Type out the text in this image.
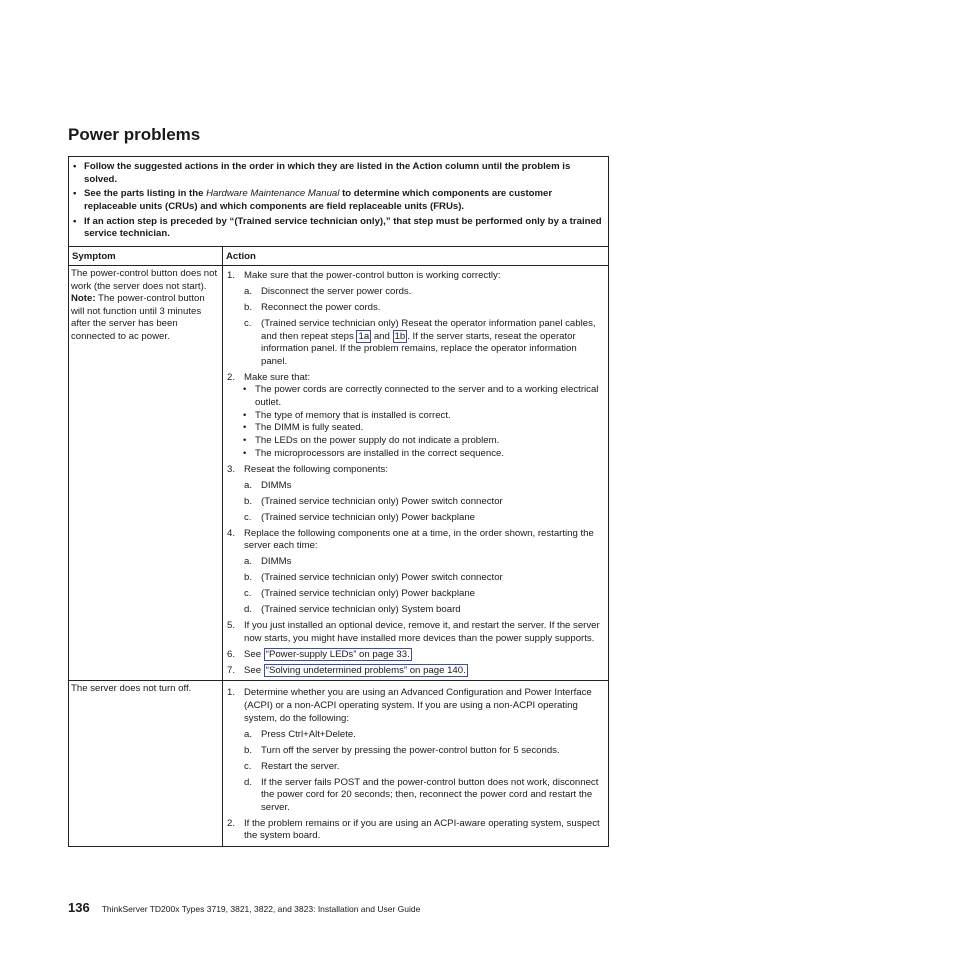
Power problems
• Follow the suggested actions in the order in which they are listed in the Action column until the problem is solved.
• See the parts listing in the Hardware Maintenance Manual to determine which components are customer replaceable units (CRUs) and which components are field replaceable units (FRUs).
• If an action step is preceded by “(Trained service technician only),” that step must be performed only by a trained service technician.
Symptom	Action
The power-control button does not work (the server does not start).
Note: The power-control button will not function until 3 minutes after the server has been connected to ac power.
1. Make sure that the power-control button is working correctly:
a. Disconnect the server power cords.
b. Reconnect the power cords.
c. (Trained service technician only) Reseat the operator information panel cables, and then repeat steps 1a and 1b . If the server starts, reseat the operator information panel. If the problem remains, replace the operator information panel.
2. Make sure that:
• The power cords are correctly connected to the server and to a working electrical outlet.
• The type of memory that is installed is correct.
• The DIMM is fully seated.
• The LEDs on the power supply do not indicate a problem.
• The microprocessors are installed in the correct sequence.
3. Reseat the following components:
a. DIMMs
b. (Trained service technician only) Power switch connector
c. (Trained service technician only) Power backplane
4. Replace the following components one at a time, in the order shown, restarting the server each time:
a. DIMMs
b. (Trained service technician only) Power switch connector
c. (Trained service technician only) Power backplane
d. (Trained service technician only) System board
5. If you just installed an optional device, remove it, and restart the server. If the server now starts, you might have installed more devices than the power supply supports.
6. See “Power-supply LEDs” on page 33.
7. See “Solving undetermined problems” on page 140.
The server does not turn off.	1. Determine whether you are using an Advanced Configuration and Power Interface (ACPI) or a non-ACPI operating system. If you are using a non-ACPI operating system, do the following:
a. Press Ctrl+Alt+Delete.
b. Turn off the server by pressing the power-control button for 5 seconds.
c. Restart the server.
d. If the server fails POST and the power-control button does not work, disconnect the power cord for 20 seconds; then, reconnect the power cord and restart the server.
2. If the problem remains or if you are using an ACPI-aware operating system, suspect the system board.
136 ThinkServer TD200x Types 3719, 3821, 3822, and 3823: Installation and User Guide
